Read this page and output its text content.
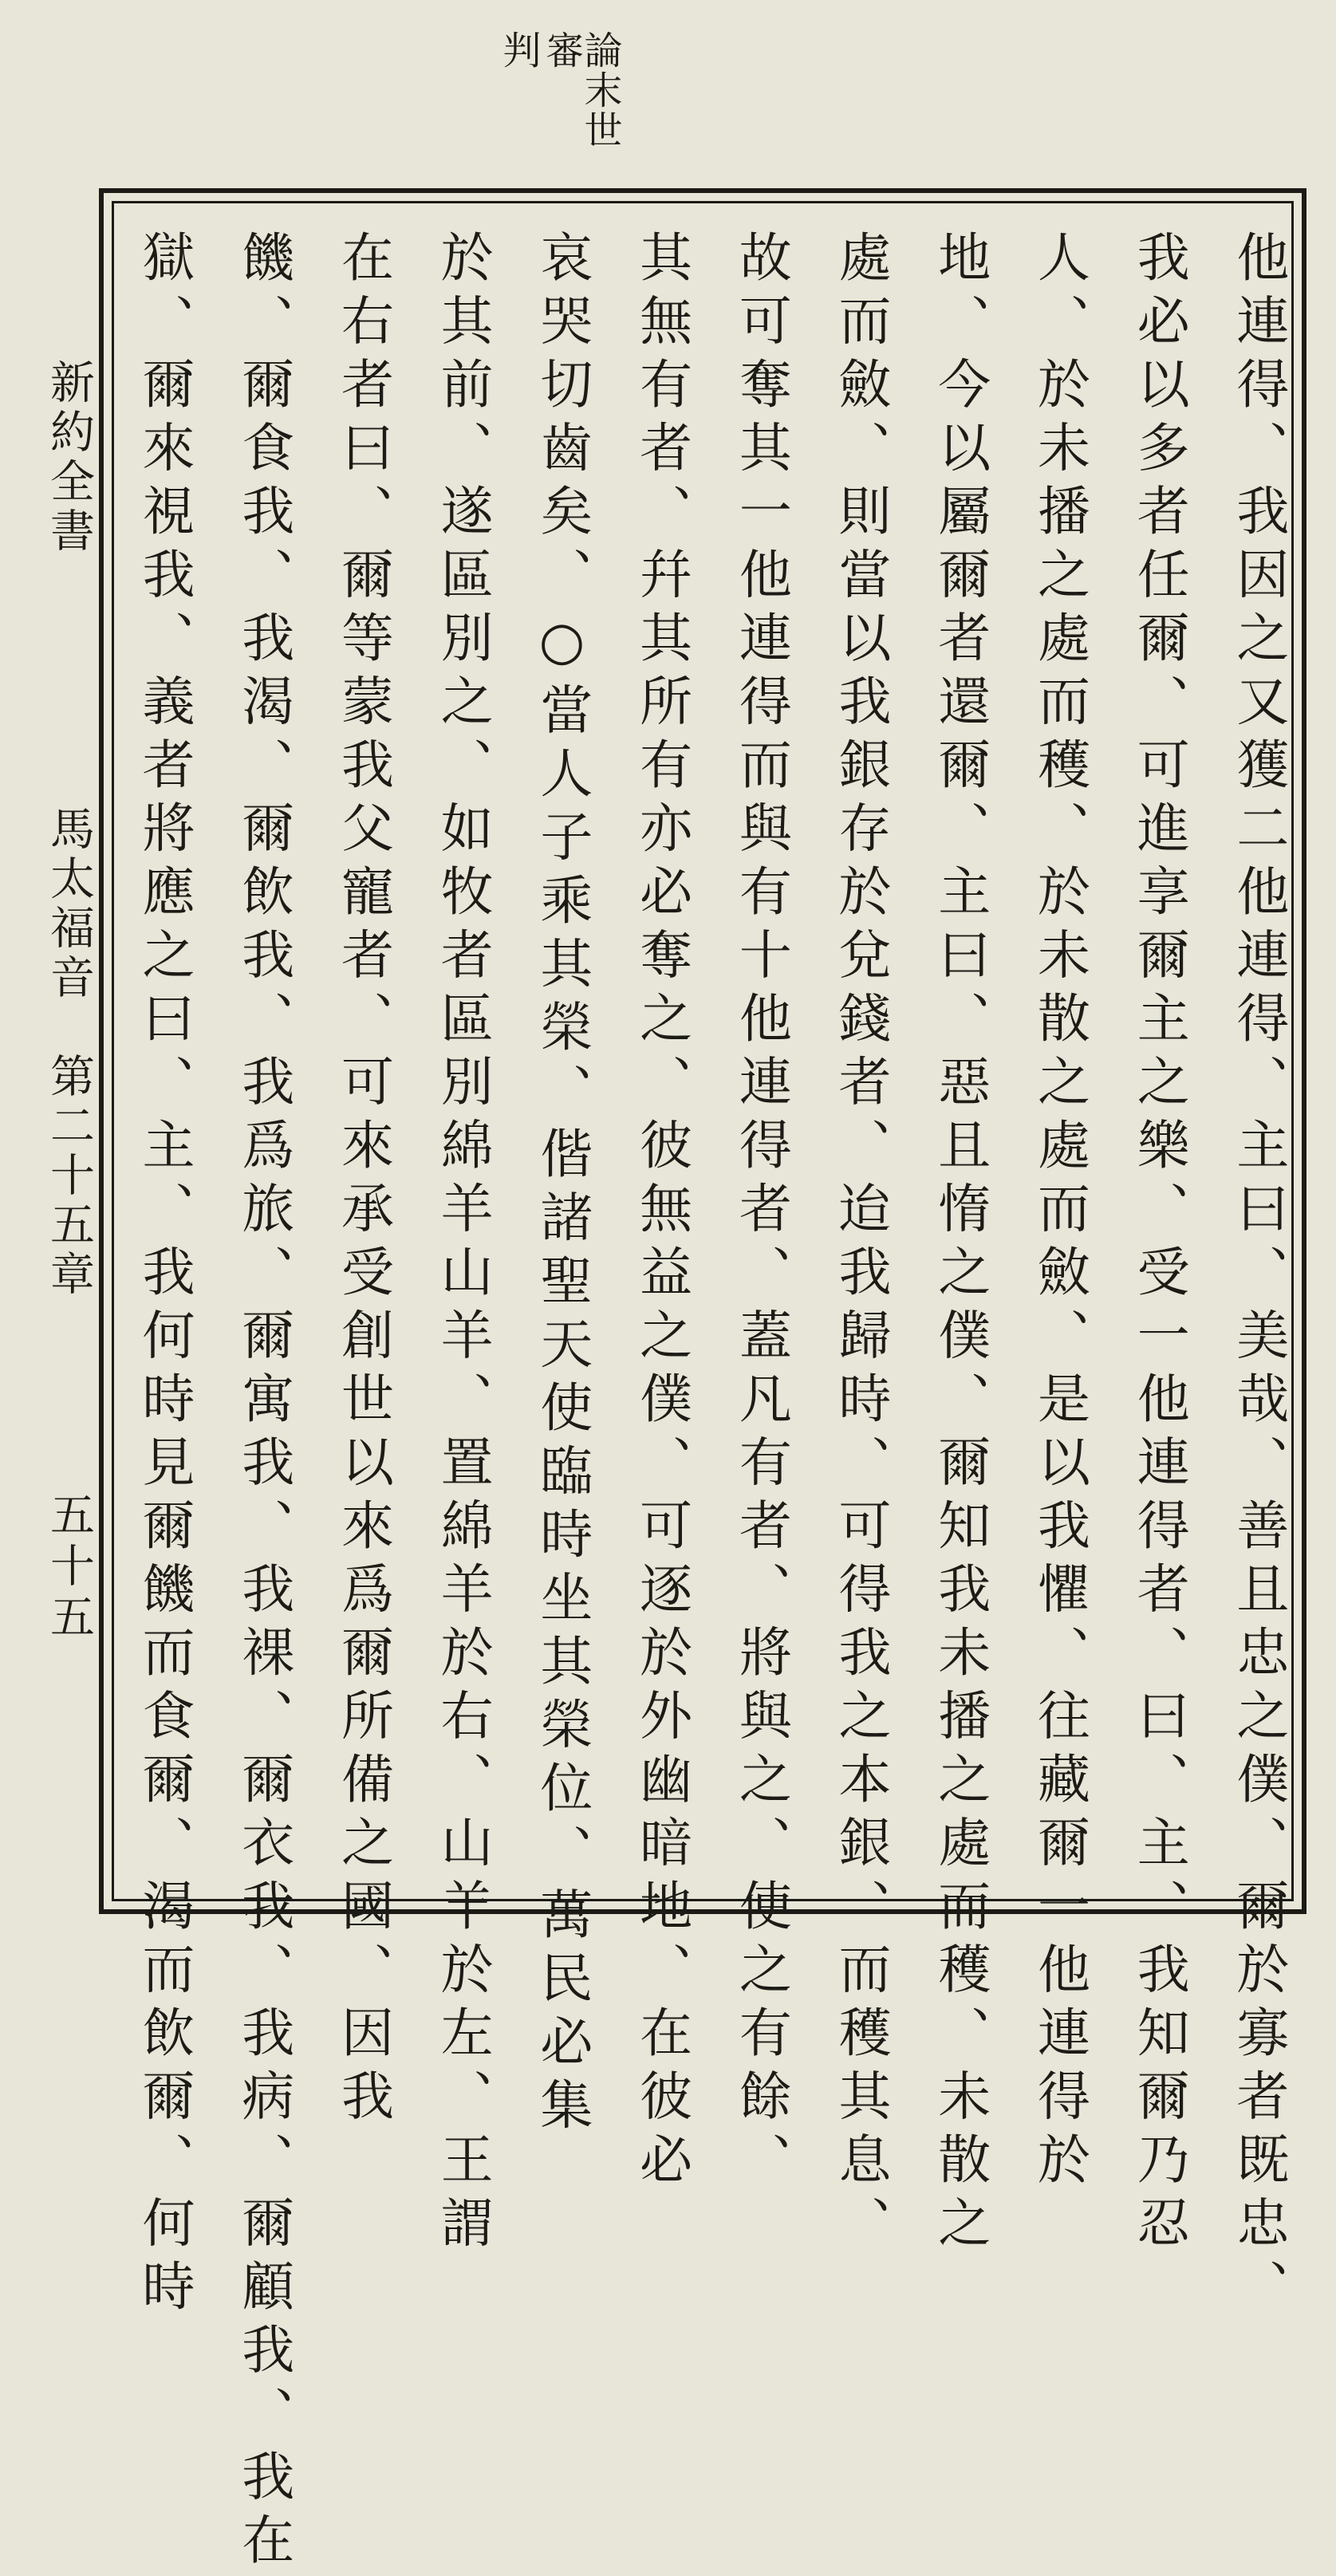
論末世審
判
他連得、我因之又獲二他連得、主曰、美哉、善且忠之僕、爾於寡者既忠、
我必以多者任爾、可進享爾主之樂、受一他連得者、曰、主、我知爾乃忍
人、於未播之處而穫、於未散之處而斂、是以我懼、往藏爾一他連得於
地、今以屬爾者還爾、主曰、惡且惰之僕、爾知我未播之處而穫、未散之
處而斂、則當以我銀存於兌錢者、迨我歸時、可得我之本銀、而穫其息、
故可奪其一他連得而與有十他連得者、蓋凡有者、將與之、使之有餘、
其無有者、幷其所有亦必奪之、彼無益之僕、可逐於外幽暗地、在彼必
哀哭切齒矣、○當人子乘其榮、偕諸聖天使臨時坐其榮位、萬民必集
於其前、遂區別之、如牧者區別綿羊山羊、置綿羊於右、山羊於左、王謂
在右者曰、爾等蒙我父寵者、可來承受創世以來爲爾所備之國、因我
饑、爾食我、我渴、爾飲我、我爲旅、爾寓我、我裸、爾衣我、我病、爾顧我、我在
獄、爾來視我、義者將應之曰、主、我何時見爾饑而食爾、渴而飲爾、何時
新約全書
馬太福音　第二十五章
五十五
